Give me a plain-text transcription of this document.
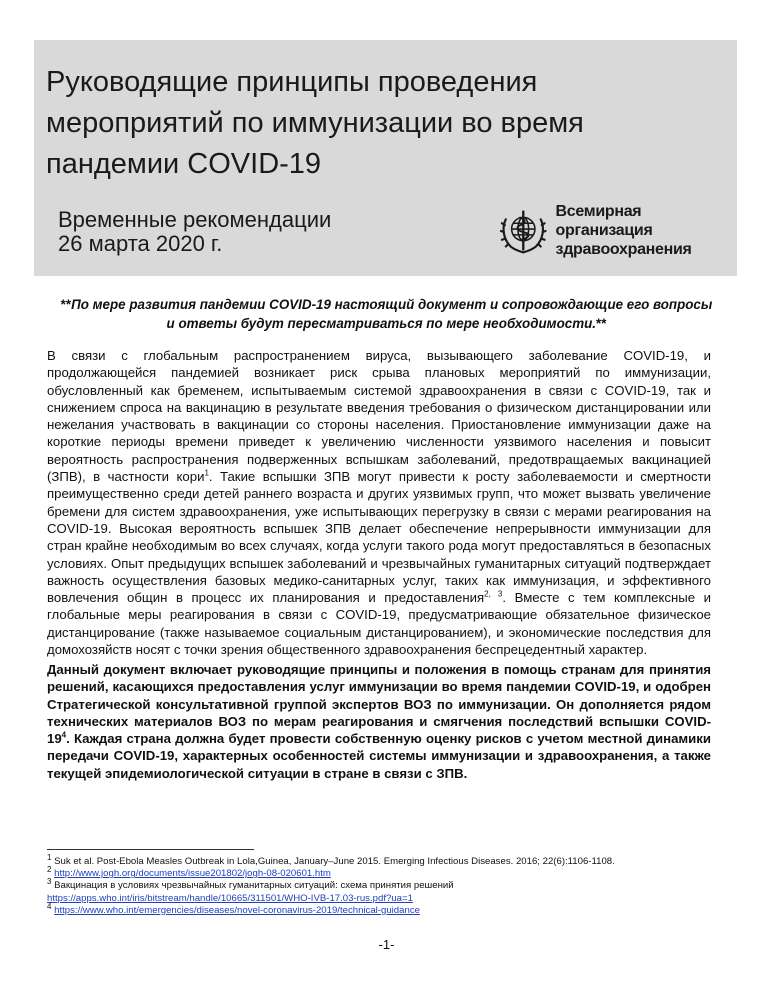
Руководящие принципы проведения мероприятий по иммунизации во время пандемии COVID-19
Временные рекомендации
26 марта 2020 г.
Всемирная организация
здравоохранения
**По мере развития пандемии COVID-19 настоящий документ и сопровождающие его вопросы и ответы будут пересматриваться по мере необходимости.**

В связи с глобальным распространением вируса, вызывающего заболевание COVID-19, и продолжающейся пандемией возникает риск срыва плановых мероприятий по иммунизации, обусловленный как бременем, испытываемым системой здравоохранения в связи с COVID-19, так и снижением спроса на вакцинацию в результате введения требования о физическом дистанцировании или нежелания участвовать в вакцинации со стороны населения. Приостановление иммунизации даже на короткие периоды времени приведет к увеличению численности уязвимого населения и повысит вероятность распространения подверженных вспышкам заболеваний, предотвращаемых вакцинацией (ЗПВ), в частности кори$^1$. Такие вспышки ЗПВ могут привести к росту заболеваемости и смертности преимущественно среди детей раннего возраста и других уязвимых групп, что может вызвать увеличение бремени для систем здравоохранения, уже испытывающих перегрузку в связи с мерами реагирования на COVID-19. Высокая вероятность вспышек ЗПВ делает обеспечение непрерывности иммунизации для стран крайне необходимым во всех случаях, когда услуги такого рода могут предоставляться в безопасных условиях. Опыт предыдущих вспышек заболеваний и чрезвычайных гуманитарных ситуаций подтверждает важность осуществления базовых медико-санитарных услуг, таких как иммунизация, и эффективного вовлечения общин в процесс их планирования и предоставления$^{2, 3}$. Вместе с тем комплексные и глобальные меры реагирования в связи с COVID-19, предусматривающие обязательное физическое дистанцирование (также называемое социальным дистанцированием), и экономические последствия для домохозяйств носят с точки зрения общественного здравоохранения беспрецедентный характер.

Данный документ включает руководящие принципы и положения в помощь странам для принятия решений, касающихся предоставления услуг иммунизации во время пандемии COVID-19, и одобрен Стратегической консультативной группой экспертов ВОЗ по иммунизации. Он дополняется рядом технических материалов ВОЗ по мерам реагирования и смягчения последствий вспышки COVID-$19^4$. Каждая страна должна будет провести собственную оценку рисков с учетом местной динамики передачи COVID-19, характерных особенностей системы иммунизации и здравоохранения, а также текущей эпидемиологической ситуации в стране в связи с ЗПВ.

$^1$ Suk et al. Post-Ebola Measles Outbreak in Lola,Guinea, January–June 2015. Emerging Infectious Diseases. 2016; 22(6):1106-1108.
$^2$ http://www.jogh.org/documents/issue201802/jogh-08-020601.htm
$^3$ Вакцинация в условиях чрезвычайных гуманитарных ситуаций: схема принятия решений
https://apps.who.int/iris/bitstream/handle/10665/311501/WHO-IVB-17.03-rus.pdf?ua=1
$^4$ https://www.who.int/emergencies/diseases/novel-coronavirus-2019/technical-guidance
-1-
